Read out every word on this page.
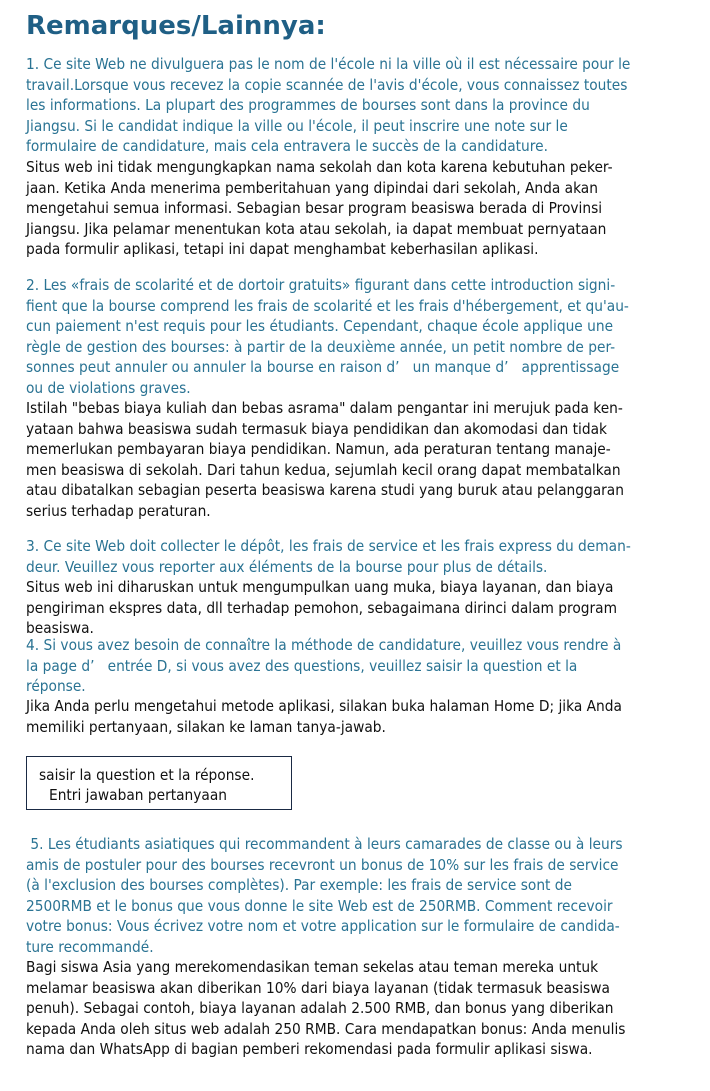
Remarques/Lainnya:

1. Ce site Web ne divulguera pas le nom de l'école ni la ville où il est nécessaire pour le
travail.Lorsque vous recevez la copie scannée de l'avis d'école, vous connaissez toutes
les informations. La plupart des programmes de bourses sont dans la province du
Jiangsu. Si le candidat indique la ville ou l'école, il peut inscrire une note sur le
formulaire de candidature, mais cela entravera le succès de la candidature.

Situs web ini tidak mengungkapkan nama sekolah dan kota karena kebutuhan peker-
jaan. Ketika Anda menerima pemberitahuan yang dipindai dari sekolah, Anda akan
mengetahui semua informasi. Sebagian besar program beasiswa berada di Provinsi
Jiangsu. Jika pelamar menentukan kota atau sekolah, ia dapat membuat pernyataan
pada formulir aplikasi, tetapi ini dapat menghambat keberhasilan aplikasi.

2. Les «frais de scolarité et de dortoir gratuits» figurant dans cette introduction signi-
fient que la bourse comprend les frais de scolarité et les frais d'hébergement, et qu'au-
cun paiement n'est requis pour les étudiants. Cependant, chaque école applique une
règle de gestion des bourses: à partir de la deuxième année, un petit nombre de per-
sonnes peut annuler ou annuler la bourse en raison d’   un manque d’   apprentissage
ou de violations graves.

Istilah "bebas biaya kuliah dan bebas asrama" dalam pengantar ini merujuk pada ken-
yataan bahwa beasiswa sudah termasuk biaya pendidikan dan akomodasi dan tidak
memerlukan pembayaran biaya pendidikan. Namun, ada peraturan tentang manaje-
men beasiswa di sekolah. Dari tahun kedua, sejumlah kecil orang dapat membatalkan
atau dibatalkan sebagian peserta beasiswa karena studi yang buruk atau pelanggaran
serius terhadap peraturan.

3. Ce site Web doit collecter le dépôt, les frais de service et les frais express du deman-
deur. Veuillez vous reporter aux éléments de la bourse pour plus de détails.

Situs web ini diharuskan untuk mengumpulkan uang muka, biaya layanan, dan biaya
pengiriman ekspres data, dll terhadap pemohon, sebagaimana dirinci dalam program
beasiswa.

4. Si vous avez besoin de connaître la méthode de candidature, veuillez vous rendre à
la page d’   entrée D, si vous avez des questions, veuillez saisir la question et la
réponse.

Jika Anda perlu mengetahui metode aplikasi, silakan buka halaman Home D; jika Anda
memiliki pertanyaan, silakan ke laman tanya-jawab.

saisir la question et la réponse.
Entri jawaban pertanyaan

5. Les étudiants asiatiques qui recommandent à leurs camarades de classe ou à leurs
amis de postuler pour des bourses recevront un bonus de 10% sur les frais de service
(à l'exclusion des bourses complètes). Par exemple: les frais de service sont de
2500RMB et le bonus que vous donne le site Web est de 250RMB. Comment recevoir
votre bonus: Vous écrivez votre nom et votre application sur le formulaire de candida-
ture recommandé.

Bagi siswa Asia yang merekomendasikan teman sekelas atau teman mereka untuk
melamar beasiswa akan diberikan 10% dari biaya layanan (tidak termasuk beasiswa
penuh). Sebagai contoh, biaya layanan adalah 2.500 RMB, dan bonus yang diberikan
kepada Anda oleh situs web adalah 250 RMB. Cara mendapatkan bonus: Anda menulis
nama dan WhatsApp di bagian pemberi rekomendasi pada formulir aplikasi siswa.
